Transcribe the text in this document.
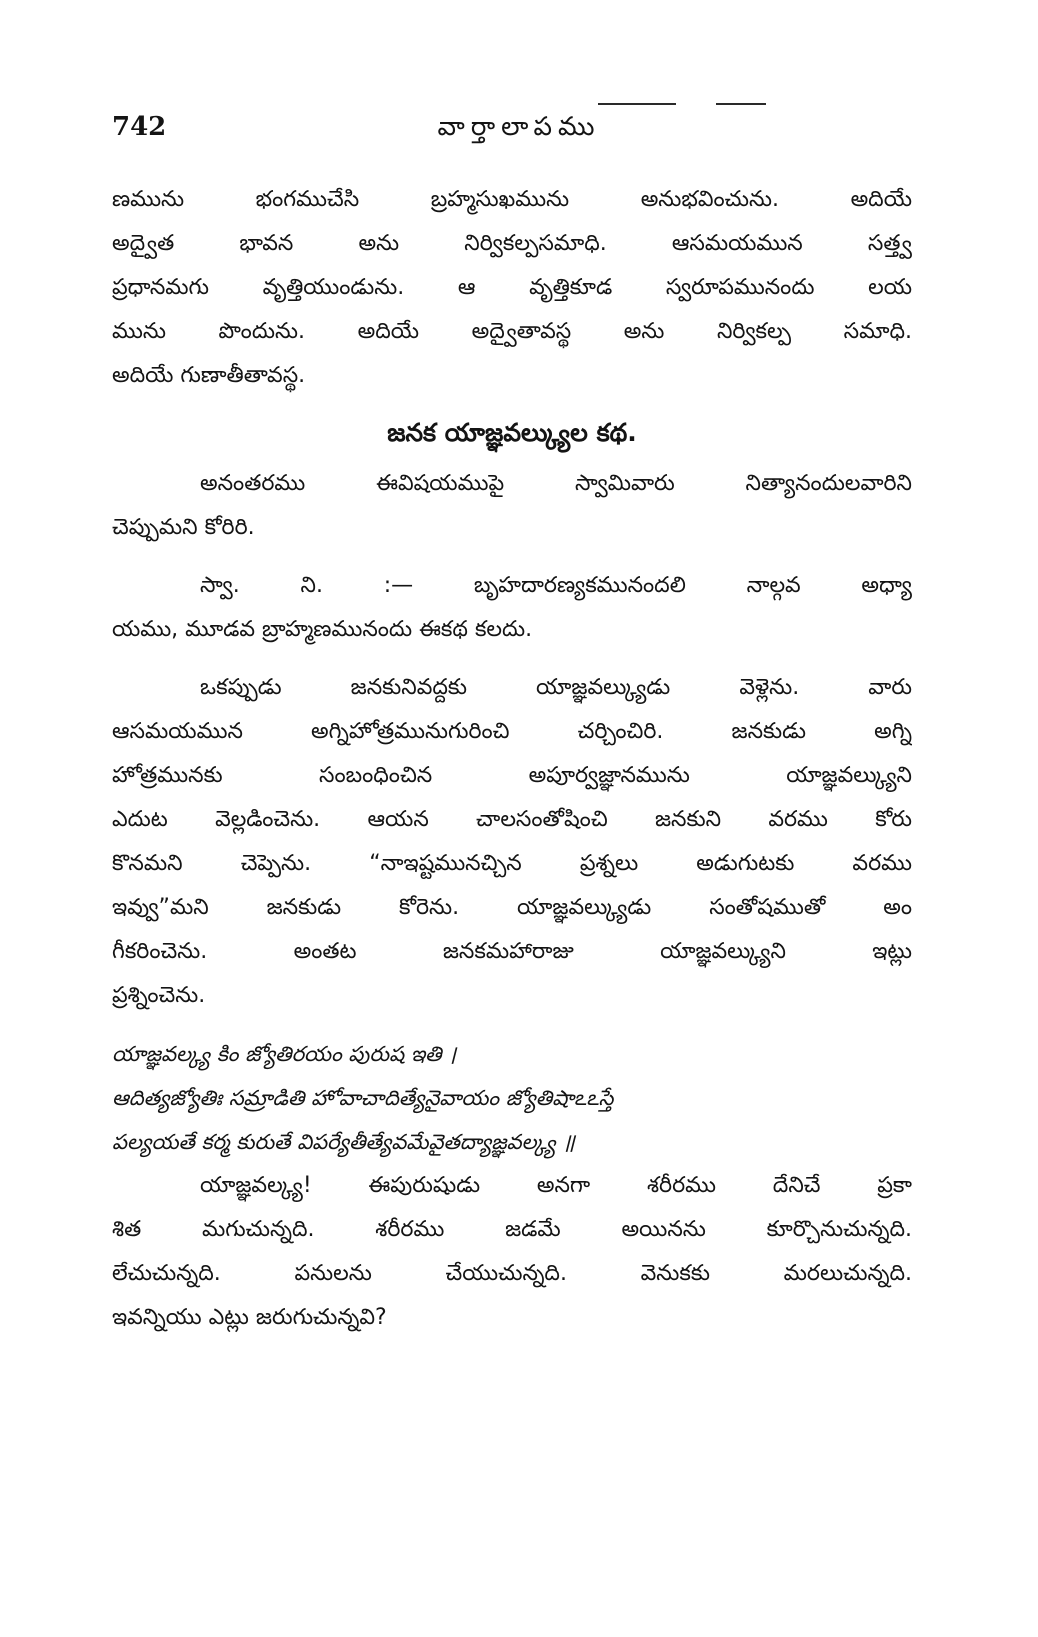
742	వార్తాలాపము
ణమును భంగముచేసి బ్రహ్మసుఖమును అనుభవించును. అదియే
అద్వైత భావన అను నిర్వికల్పసమాధి. ఆసమయమున సత్త్వ
ప్రధానమగు వృత్తియుండును. ఆ వృత్తికూడ స్వరూపమునందు లయ
మును పొందును. అదియే అద్వైతావస్థ అను నిర్వికల్ప సమాధి.
అదియే గుణాతీతావస్థ.
జనక యాజ్ఞవల్క్యుల కథ.
అనంతరము ఈవిషయముపై స్వామివారు నిత్యానందులవారిని
చెప్పుమని కోరిరి.
స్వా. ని. :— బృహదారణ్యకమునందలి నాల్గవ అధ్యా
యము, మూడవ బ్రాహ్మణమునందు ఈకథ కలదు.
ఒకప్పుడు జనకునివద్దకు యాజ్ఞవల్క్యుడు వెళ్లెను. వారు
ఆసమయమున అగ్నిహోత్రమునుగురించి చర్చించిరి. జనకుడు అగ్ని
హోత్రమునకు సంబంధించిన అపూర్వజ్ఞానమును యాజ్ఞవల్క్యుని
ఎదుట వెల్లడించెను. ఆయన చాలసంతోషించి జనకుని వరము కోరు
కొనమని చెప్పెను. “నాఇష్టమునచ్చిన ప్రశ్నలు అడుగుటకు వరము
ఇవ్వు”మని జనకుడు కోరెను. యాజ్ఞవల్క్యుడు సంతోషముతో అం
గీకరించెను. అంతట జనకమహారాజు యాజ్ఞవల్క్యుని ఇట్లు
ప్రశ్నించెను.
యాజ్ఞవల్క్య కిం జ్యోతిరయం పురుష ఇతి ।
ఆదిత్యజ్యోతిః సమ్రాడితి హోవాచాదిత్యేనైవాయం జ్యోతిషాఽఽస్తే
పల్యయతే కర్మ కురుతే విపర్యేతీత్యేవమేవైతద్యాజ్ఞవల్క్య ॥
యాజ్ఞవల్క్య! ఈపురుషుడు అనగా శరీరము దేనిచే ప్రకా
శిత మగుచున్నది. శరీరము జడమే అయినను కూర్చొనుచున్నది.
లేచుచున్నది. పనులను చేయుచున్నది. వెనుకకు మరలుచున్నది.
ఇవన్నియు ఎట్లు జరుగుచున్నవి?
